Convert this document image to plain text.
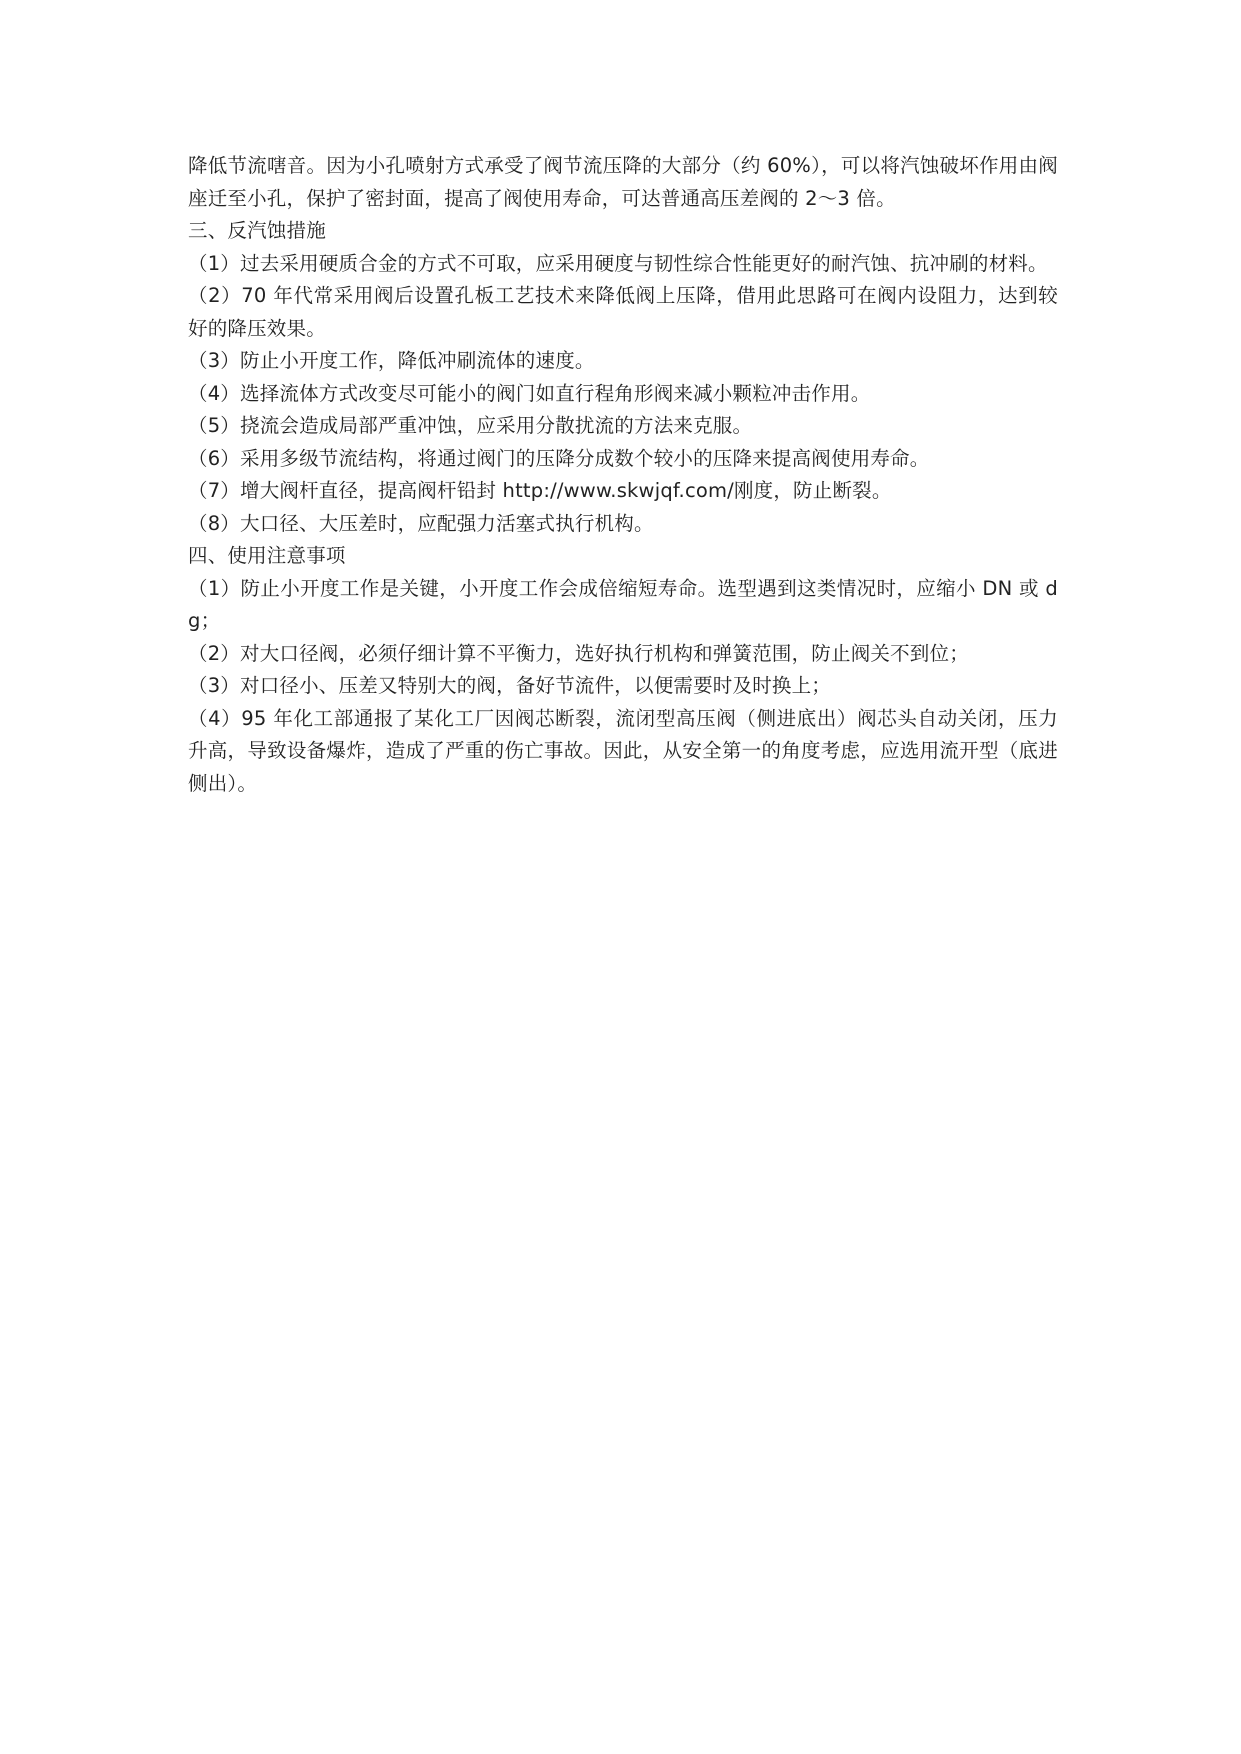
降低节流嗐音。因为小孔喷射方式承受了阀节流压降的大部分（约 60%），可以将汽蚀破坏作用由阀座迁至小孔，保护了密封面，提高了阀使用寿命，可达普通高压差阀的 2～3 倍。

三、反汽蚀措施

（1）过去采用硬质合金的方式不可取，应采用硬度与韧性综合性能更好的耐汽蚀、抗冲刷的材料。

（2）70 年代常采用阀后设置孔板工艺技术来降低阀上压降，借用此思路可在阀内设阻力，达到较好的降压效果。

（3）防止小开度工作，降低冲刷流体的速度。

（4）选择流体方式改变尽可能小的阀门如直行程角形阀来减小颗粒冲击作用。

（5）挠流会造成局部严重冲蚀，应采用分散扰流的方法来克服。

（6）采用多级节流结构，将通过阀门的压降分成数个较小的压降来提高阀使用寿命。

（7）增大阀杆直径，提高阀杆铅封 http://www.skwjqf.com/刚度，防止断裂。

（8）大口径、大压差时，应配强力活塞式执行机构。

四、使用注意事项

（1）防止小开度工作是关键，小开度工作会成倍缩短寿命。选型遇到这类情况时，应缩小 DN 或 dg；

（2）对大口径阀，必须仔细计算不平衡力，选好执行机构和弹簧范围，防止阀关不到位；

（3）对口径小、压差又特别大的阀，备好节流件，以便需要时及时换上；

（4）95 年化工部通报了某化工厂因阀芯断裂，流闭型高压阀（侧进底出）阀芯头自动关闭，压力升高，导致设备爆炸，造成了严重的伤亡事故。因此，从安全第一的角度考虑，应选用流开型（底进侧出）。
